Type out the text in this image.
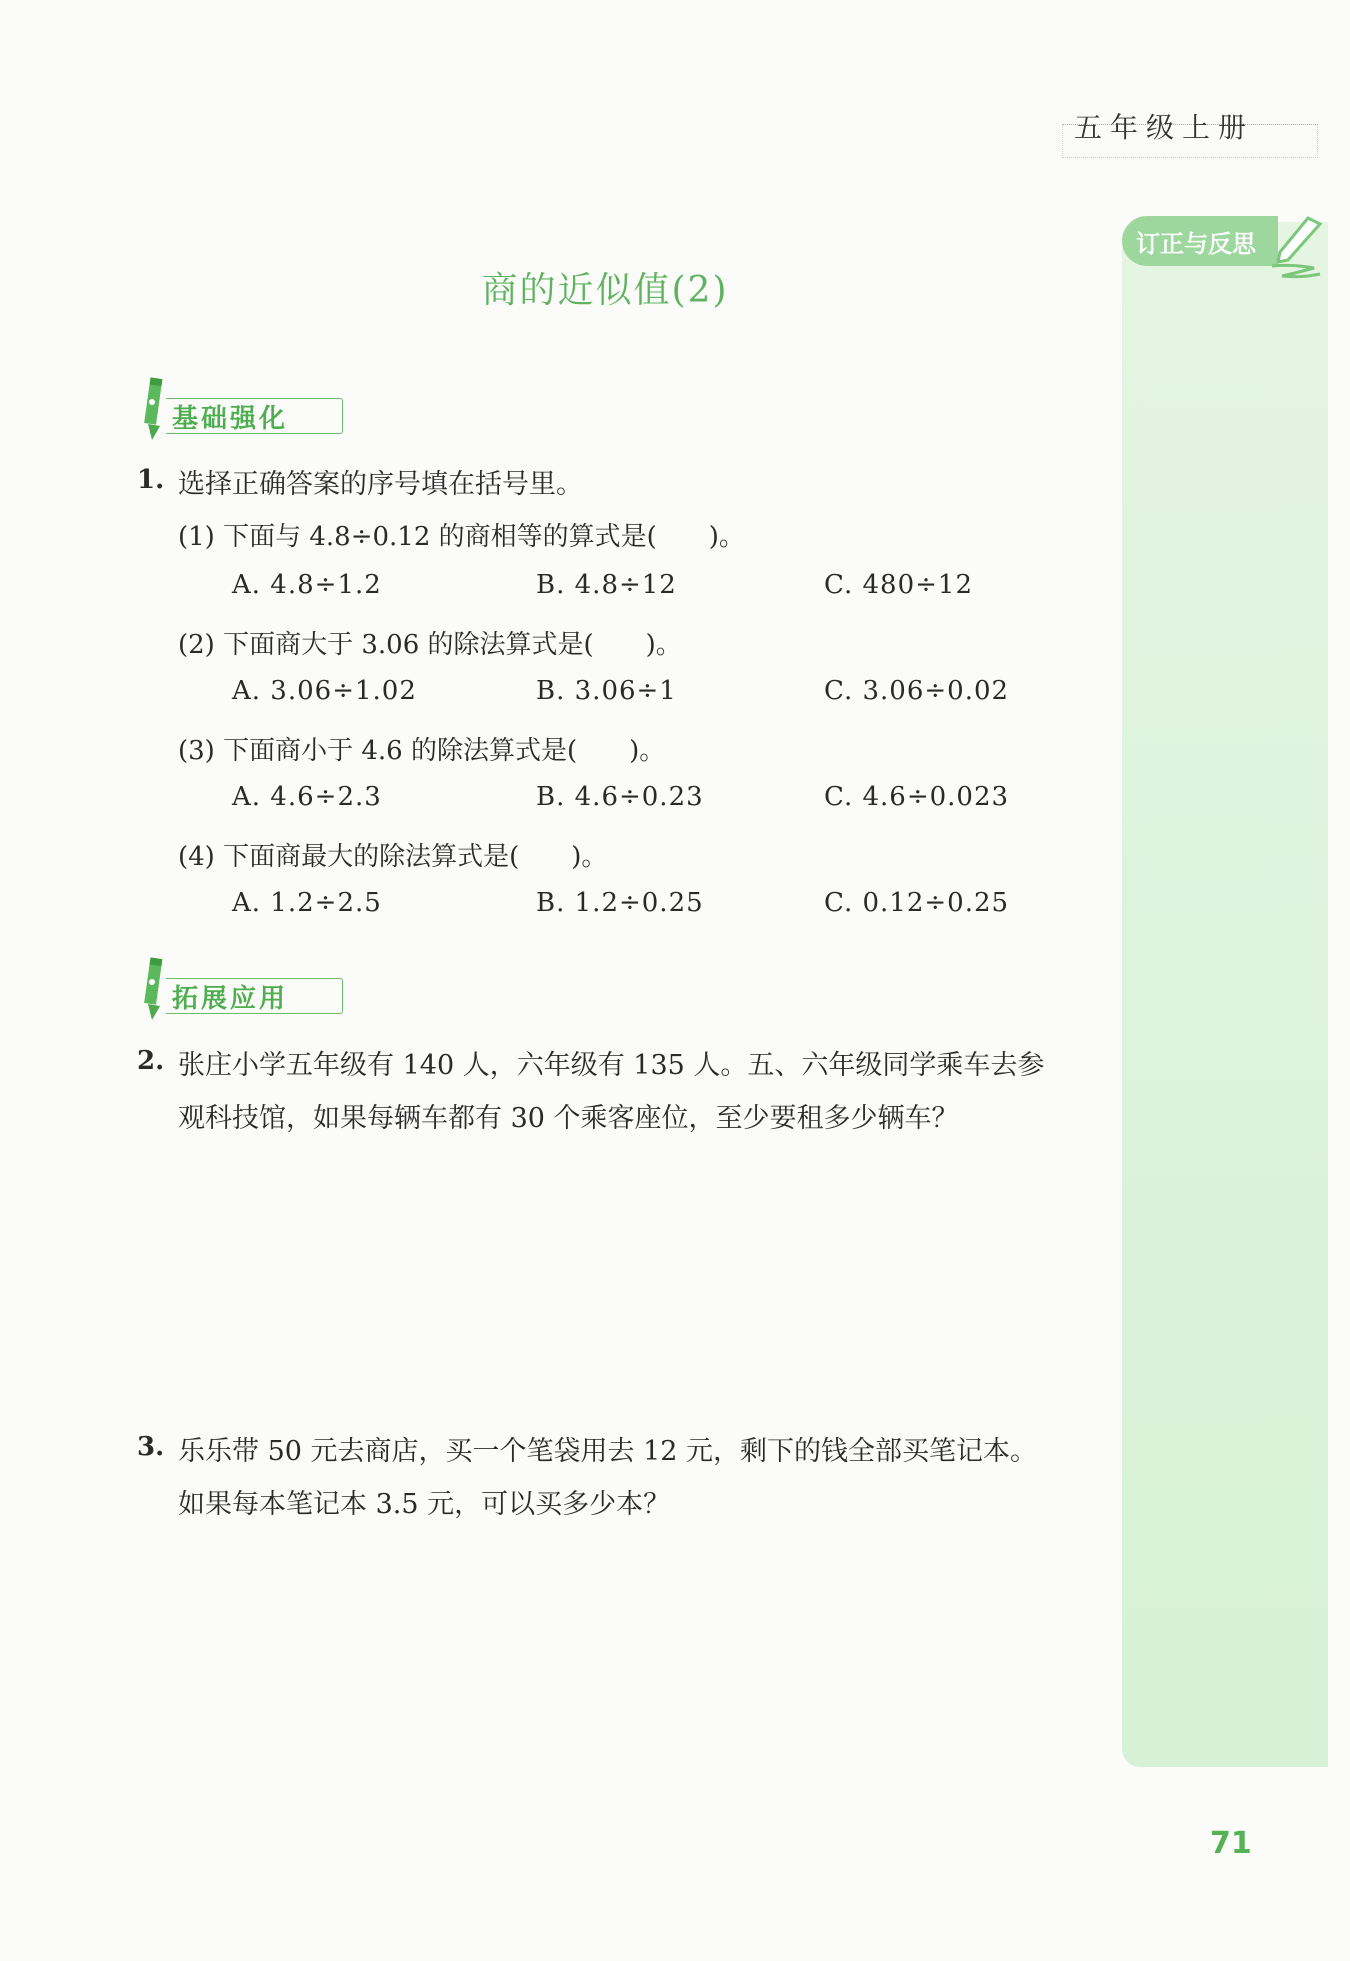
五年级上册
订正与反思
商的近似值(2)
基础强化
1. 选择正确答案的序号填在括号里。
(1) 下面与 4.8÷0.12 的商相等的算式是(　　)。
A. 4.8÷1.2	B. 4.8÷12	C. 480÷12
(2) 下面商大于 3.06 的除法算式是(　　)。
A. 3.06÷1.02	B. 3.06÷1	C. 3.06÷0.02
(3) 下面商小于 4.6 的除法算式是(　　)。
A. 4.6÷2.3	B. 4.6÷0.23	C. 4.6÷0.023
(4) 下面商最大的除法算式是(　　)。
A. 1.2÷2.5	B. 1.2÷0.25	C. 0.12÷0.25
拓展应用
2. 张庄小学五年级有 140 人，六年级有 135 人。五、六年级同学乘车去参
观科技馆，如果每辆车都有 30 个乘客座位，至少要租多少辆车？
3. 乐乐带 50 元去商店，买一个笔袋用去 12 元，剩下的钱全部买笔记本。
如果每本笔记本 3.5 元，可以买多少本？
71
